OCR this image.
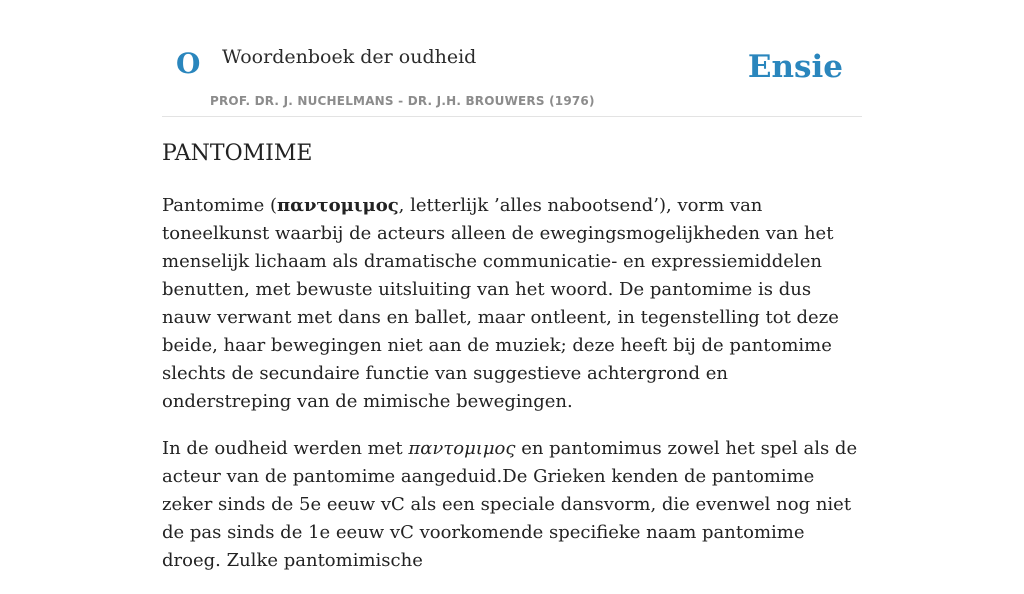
O Woordenboek der oudheid	Ensie
PROF. DR. J. NUCHELMANS - DR. J.H. BROUWERS (1976)
PANTOMIME

Pantomime (παντομιμος, letterlijk ’alles nabootsend’), vorm van toneelkunst waarbij de acteurs alleen de ewegingsmogelijkheden van het menselijk lichaam als dramatische communicatie- en expressiemiddelen benutten, met bewuste uitsluiting van het woord. De pantomime is dus nauw verwant met dans en ballet, maar ontleent, in tegenstelling tot deze beide, haar bewegingen niet aan de muziek; deze heeft bij de pantomime slechts de secundaire functie van suggestieve achtergrond en onderstreping van de mimische bewegingen.

In de oudheid werden met παντομιμος en pantomimus zowel het spel als de acteur van de pantomime aangeduid.De Grieken kenden de pantomime zeker sinds de 5e eeuw vC als een speciale dansvorm, die evenwel nog niet de pas sinds de 1e eeuw vC voorkomende specifieke naam pantomime droeg. Zulke pantomimische
